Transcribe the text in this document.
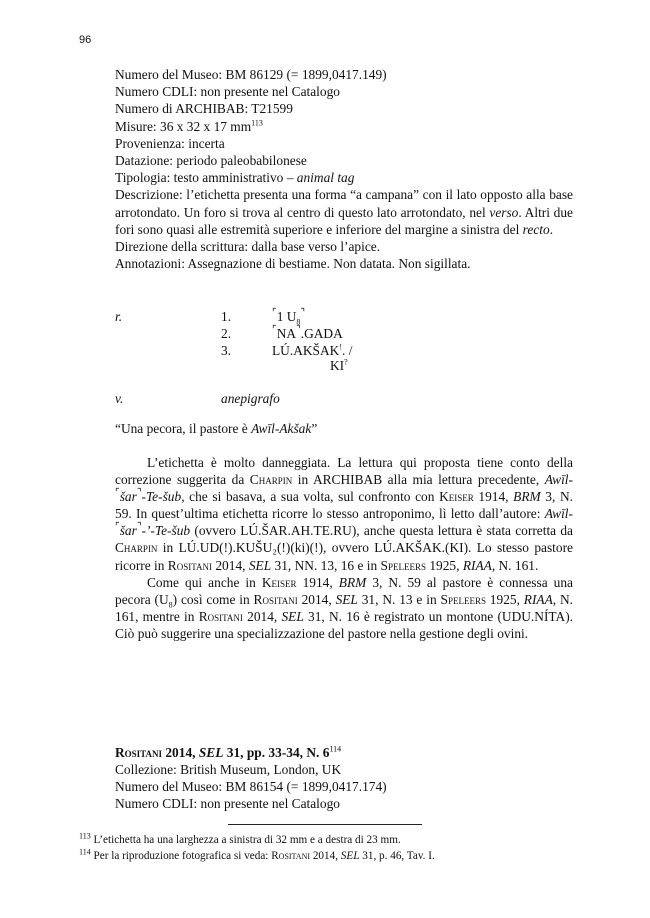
96
Numero del Museo: BM 86129 (= 1899,0417.149)
Numero CDLI: non presente nel Catalogo
Numero di ARCHIBAB: T21599
Misure: 36 x 32 x 17 $mm^{113}$
Provenienza: incerta
Datazione: periodo paleobabilonese
Tipologia: testo amministrativo – animal tag
Descrizione: l’etichetta presenta una forma “a campana” con il lato opposto alla base arrotondato. Un foro si trova al centro di questo lato arrotondato, nel verso. Altri due fori sono quasi alle estremità superiore e inferiore del margine a sinistra del recto.
Direzione della scrittura: dalla base verso l’apice.
Annotazioni: Assegnazione di bestiame. Non datata. Non sigillata.
r.	1.	⌜1 $U_8^⌝$
2.	⌜NA⌝.GADA
3.	LÚ.AKŠAK!. /
KI?
v.	anepigrafo
“Una pecora, il pastore è Awīl-Akšak”

L’etichetta è molto danneggiata. La lettura qui proposta tiene conto della correzione suggerita da Charpin in ARCHIBAB alla mia lettura precedente, Awīl-⌜šar⌝-Te-šub, che si basava, a sua volta, sul confronto con Keiser 1914, BRM 3, N. 59. In quest’ultima etichetta ricorre lo stesso antroponimo, lì letto dall’autore: Awīl-⌜šar⌝-’-Te-šub (ovvero LÚ.ŠAR.AH.TE.RU), anche questa lettura è stata corretta da Charpin in LÚ.UD(!).KUŠU₂(!)(ki)(!), ovvero LÚ.AKŠAK.(KI). Lo stesso pastore ricorre in Rositani 2014, SEL 31, NN. 13, 16 e in Speleers 1925, RIAA, N. 161.

Come qui anche in Keiser 1914, BRM 3, N. 59 al pastore è connessa una pecora $(U_8)$ così come in Rositani 2014, SEL 31, N. 13 e in Speleers 1925, RIAA, N. 161, mentre in Rositani 2014, SEL 31, N. 16 è registrato un montone (UDU.NÍTA). Ciò può suggerire una specializzazione del pastore nella gestione degli ovini.

Rositani 2014, SEL 31, pp. 33-34, N. $6^{114}$
Collezione: British Museum, London, UK
Numero del Museo: BM 86154 (= 1899,0417.174)
Numero CDLI: non presente nel Catalogo
$^{113}$ L’etichetta ha una larghezza a sinistra di 32 mm e a destra di 23 mm.
$^{114}$ Per la riproduzione fotografica si veda: Rositani 2014, SEL 31, p. 46, Tav. I.
